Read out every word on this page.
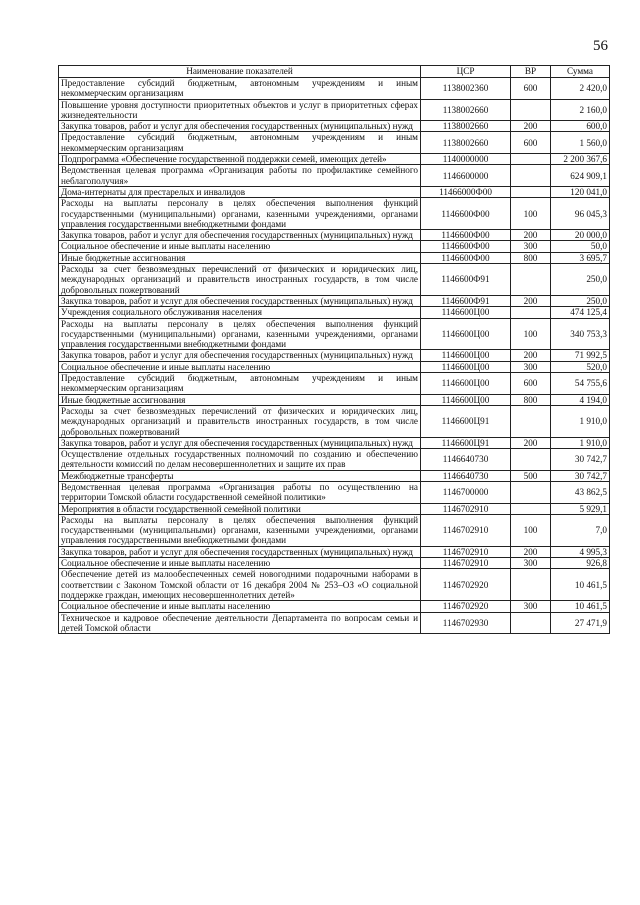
56
Наименование показателей	ЦСР	ВР	Сумма
Предоставление субсидий бюджетным, автономным учреждениям и иным некоммерческим организациям	1138002360	600	2 420,0
Повышение уровня доступности приоритетных объектов и услуг в приоритетных сферах жизнедеятельности	1138002660		2 160,0
Закупка товаров, работ и услуг для обеспечения государственных (муниципальных) нужд	1138002660	200	600,0
Предоставление субсидий бюджетным, автономным учреждениям и иным некоммерческим организациям	1138002660	600	1 560,0
Подпрограмма «Обеспечение государственной поддержки семей, имеющих детей»	1140000000		2 200 367,6
Ведомственная целевая программа «Организация работы по профилактике семейного неблагополучия»	1146600000		624 909,1
Дома-интернаты для престарелых и инвалидов	11466000Ф00		120 041,0
Расходы на выплаты персоналу в целях обеспечения выполнения функций государственными (муниципальными) органами, казенными учреждениями, органами управления государственными внебюджетными фондами	1146600Ф00	100	96 045,3
Закупка товаров, работ и услуг для обеспечения государственных (муниципальных) нужд	1146600Ф00	200	20 000,0
Социальное обеспечение и иные выплаты населению	1146600Ф00	300	50,0
Иные бюджетные ассигнования	1146600Ф00	800	3 695,7
Расходы за счет безвозмездных перечислений от физических и юридических лиц, международных организаций и правительств иностранных государств, в том числе добровольных пожертвований	1146600Ф91		250,0
Закупка товаров, работ и услуг для обеспечения государственных (муниципальных) нужд	1146600Ф91	200	250,0
Учреждения социального обслуживания населения	1146600Ц00		474 125,4
Расходы на выплаты персоналу в целях обеспечения выполнения функций государственными (муниципальными) органами, казенными учреждениями, органами управления государственными внебюджетными фондами	1146600Ц00	100	340 753,3
Закупка товаров, работ и услуг для обеспечения государственных (муниципальных) нужд	1146600Ц00	200	71 992,5
Социальное обеспечение и иные выплаты населению	1146600Ц00	300	520,0
Предоставление субсидий бюджетным, автономным учреждениям и иным некоммерческим организациям	1146600Ц00	600	54 755,6
Иные бюджетные ассигнования	1146600Ц00	800	4 194,0
Расходы за счет безвозмездных перечислений от физических и юридических лиц, международных организаций и правительств иностранных государств, в том числе добровольных пожертвований	1146600Ц91		1 910,0
Закупка товаров, работ и услуг для обеспечения государственных (муниципальных) нужд	1146600Ц91	200	1 910,0
Осуществление отдельных государственных полномочий по созданию и обеспечению деятельности комиссий по делам несовершеннолетних и защите их прав	1146640730		30 742,7
Межбюджетные трансферты	1146640730	500	30 742,7
Ведомственная целевая программа «Организация работы по осуществлению на территории Томской области государственной семейной политики»	1146700000		43 862,5
Мероприятия в области государственной семейной политики	1146702910		5 929,1
Расходы на выплаты персоналу в целях обеспечения выполнения функций государственными (муниципальными) органами, казенными учреждениями, органами управления государственными внебюджетными фондами	1146702910	100	7,0
Закупка товаров, работ и услуг для обеспечения государственных (муниципальных) нужд	1146702910	200	4 995,3
Социальное обеспечение и иные выплаты населению	1146702910	300	926,8
Обеспечение детей из малообеспеченных семей новогодними подарочными наборами в соответствии с Законом Томской области от 16 декабря 2004 № 253–ОЗ «О социальной поддержке граждан, имеющих несовершеннолетних детей»	1146702920		10 461,5
Социальное обеспечение и иные выплаты населению	1146702920	300	10 461,5
Техническое и кадровое обеспечение деятельности Департамента по вопросам семьи и детей Томской области	1146702930		27 471,9
